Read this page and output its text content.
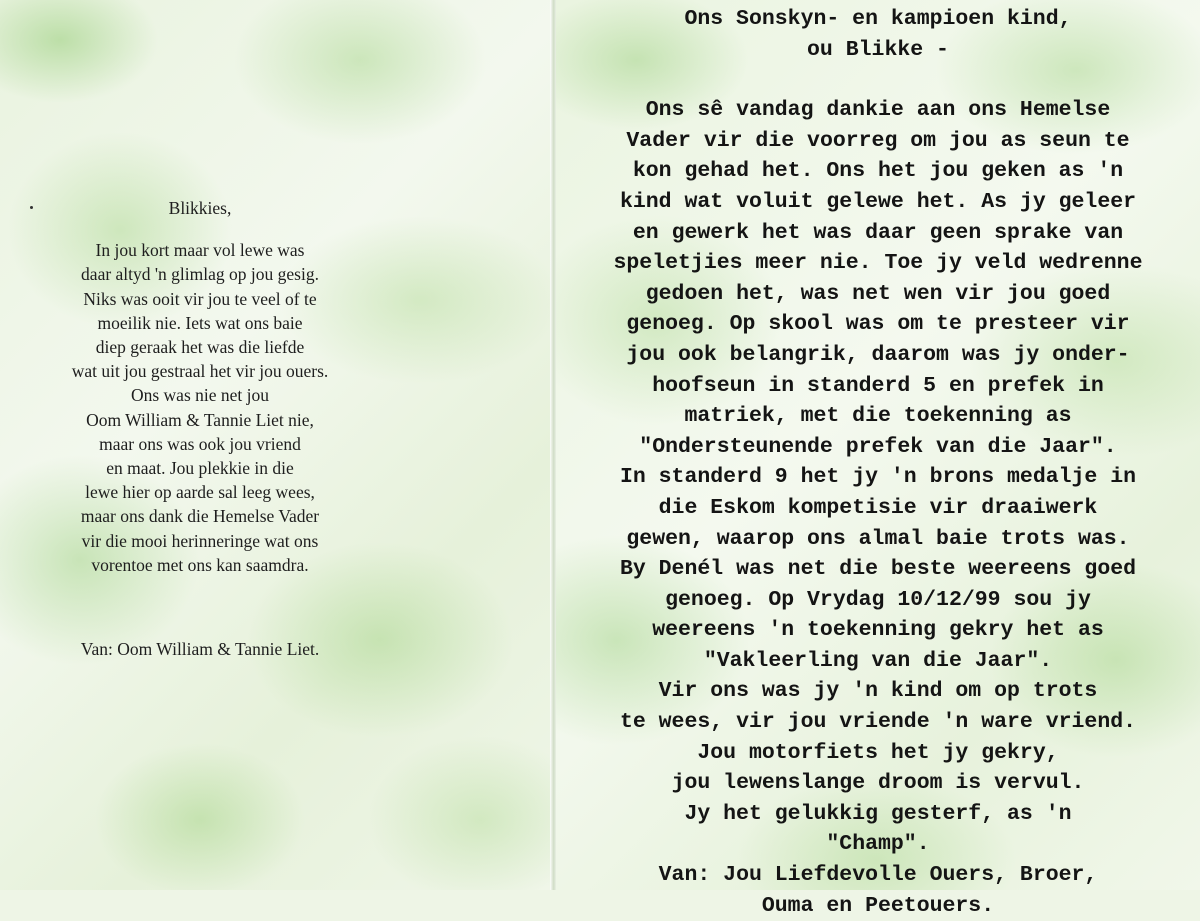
Blikkies,
In jou kort maar vol lewe was
daar altyd 'n glimlag op jou gesig.
Niks was ooit vir jou te veel of te
moeilik nie. Iets wat ons baie
diep geraak het was die liefde
wat uit jou gestraal het vir jou ouers.
Ons was nie net jou
Oom William & Tannie Liet nie,
maar ons was ook jou vriend
en maat. Jou plekkie in die
lewe hier op aarde sal leeg wees,
maar ons dank die Hemelse Vader
vir die mooi herinneringe wat ons
vorentoe met ons kan saamdra.
Van: Oom William & Tannie Liet.
Ons Sonskyn- en kampioen kind,
ou Blikke -
Ons sê vandag dankie aan ons Hemelse
Vader vir die voorreg om jou as seun te
kon gehad het. Ons het jou geken as 'n
kind wat voluit gelewe het. As jy geleer
en gewerk het was daar geen sprake van
speletjies meer nie. Toe jy veld wedrenne
gedoen het, was net wen vir jou goed
genoeg. Op skool was om te presteer vir
jou ook belangrik, daarom was jy onder-
hoofseun in standerd 5 en prefek in
matriek, met die toekenning as
"Ondersteunende prefek van die Jaar".
In standerd 9 het jy 'n brons medalje in
die Eskom kompetisie vir draaiwerk
gewen, waarop ons almal baie trots was.
By Denél was net die beste weereens goed
genoeg. Op Vrydag 10/12/99 sou jy
weereens 'n toekenning gekry het as
"Vakleerling van die Jaar".
Vir ons was jy 'n kind om op trots
te wees, vir jou vriende 'n ware vriend.
Jou motorfiets het jy gekry,
jou lewenslange droom is vervul.
Jy het gelukkig gesterf, as 'n
"Champ".
Van: Jou Liefdevolle Ouers, Broer,
Ouma en Peetouers.
